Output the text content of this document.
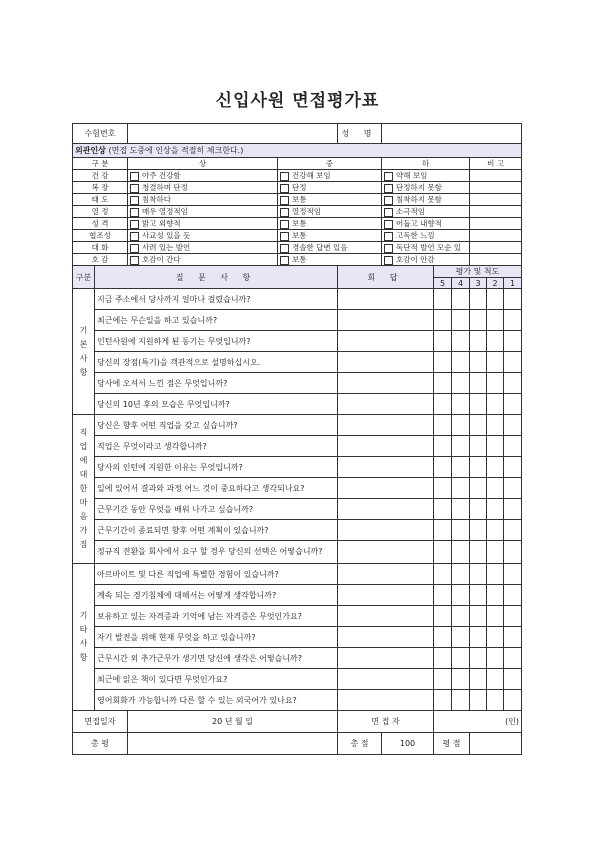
신입사원 면접평가표
수험번호				성 명						
외관인상 (면접 도중에 인상을 적절히 체크한다.)										
구 분		상	중		하			비 고		
건 강		아주 건강함	건강해 보임		약해 보임					
복 장		청결하며 단정	단정		단정하지 못함					
태 도		침착하다	보통		침착하지 못함					
열 정		매우 열정적임	열정적임		소극적임					
성 격		밝고 외향적	보통		어둡고 내향적					
협조성		사교성 있을 듯	보통		고독한 느낌					
대 화		사려 있는 발언	경솔한 답변 있음		독단적 발언 모순 있					
호 감		호감이 간다	보통		호감이 안감					
구분	질 문 사 항			회 답		평가 및 척도				
						5	4	3	2	1
기본사항	지금 주소에서 당사까지 얼마나 걸렸습니까?									
	최근에는 무슨일을 하고 있습니까?									
	인턴사원에 지원하게 된 동기는 무엇입니까?									
	당신의 장점(특기)을 객관적으로 설명하십시오.									
	당사에 오셔서 느낀 점은 무엇입니까?									
	당신의 10년 후의 모습은 무엇입니까?									
직업에대한마음가짐	당신은 향후 어떤 직업을 갖고 싶습니까?									
	직업은 무엇이라고 생각합니까?									
	당사의 인턴에 지원한 이유는 무엇입니까?									
	일에 있어서 결과와 과정 어느 것이 중요하다고 생각되나요?									
	근무기간 동안 무엇을 배워 나가고 싶습니까?									
	근무기간이 종료되면 향후 어떤 계획이 있습니까?									
	정규직 전환을 회사에서 요구 할 경우 당신의 선택은 어떻습니까?									
기타사항	아르바이트 및 다른 직업에 특별한 경험이 있습니까?									
	계속 되는 경기침체에 대해서는 어떻게 생각합니까?									
	보유하고 있는 자격증과 기억에 남는 자격증은 무엇인가요?									
	자기 발전을 위해 현재 무엇을 하고 있습니까?									
	근무시간 외 추가근무가 생기면 당신에 생각은 어떻습니까?									
	최근에 읽은 책이 있다면 무엇인가요?									
	영어회화가 가능합니까 다른 할 수 있는 외국어가 있나요?									
면접일자		20 년 월 일		면 접 자		(인)				
총 평				총 점	100	평 점				
